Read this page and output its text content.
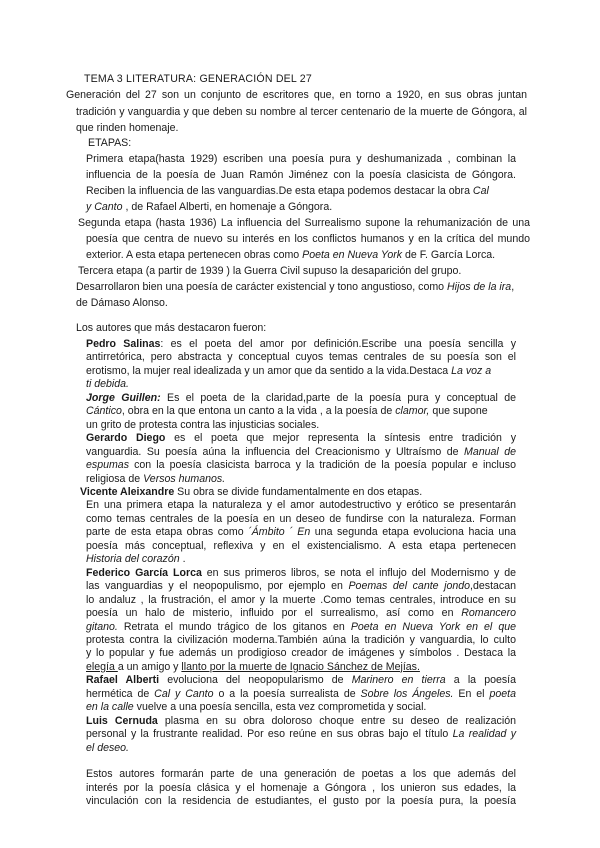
TEMA 3 LITERATURA: GENERACIÓN DEL 27
Generación del 27 son un conjunto de escritores que, en torno a 1920, en sus obras juntan
tradición y vanguardia y que deben su nombre al tercer centenario de la muerte de Góngora, al
que rinden homenaje.
ETAPAS:
Primera etapa(hasta 1929) escriben una poesía pura y deshumanizada , combinan la
influencia de la poesía de Juan Ramón Jiménez con la poesía clasicista de Góngora.
Reciben la influencia de las vanguardias.De esta etapa podemos destacar la obra Cal
y Canto , de Rafael Alberti, en homenaje a Góngora.
Segunda etapa (hasta 1936) La influencia del Surrealismo supone la rehumanización de una
poesía que centra de nuevo su interés en los conflictos humanos y en la crítica del mundo
exterior. A esta etapa pertenecen obras como Poeta en Nueva York de F. García Lorca.
Tercera etapa (a partir de 1939 ) la Guerra Civil supuso la desaparición del grupo.
Desarrollaron bien una poesía de carácter existencial y tono angustioso, como Hijos de la ira,
de Dámaso Alonso.
Los autores que más destacaron fueron:
Pedro Salinas: es el poeta del amor por definición.Escribe una poesía sencilla y
antirretórica, pero abstracta y conceptual cuyos temas centrales de su poesía son el
erotismo, la mujer real idealizada y un amor que da sentido a la vida.Destaca La voz a
ti debida.
Jorge Guillen: Es el poeta de la claridad,parte de la poesía pura y conceptual de
Cántico, obra en la que entona un canto a la vida , a la poesía de clamor, que supone
un grito de protesta contra las injusticias sociales.
Gerardo Diego es el poeta que mejor representa la síntesis entre tradición y
vanguardia. Su poesía aúna la influencia del Creacionismo y Ultraísmo de Manual de
espumas con la poesía clasicista barroca y la tradición de la poesía popular e incluso
religiosa de Versos humanos.
Vicente Aleixandre Su obra se divide fundamentalmente en dos etapas.
En una primera etapa la naturaleza y el amor autodestructivo y erótico se presentarán
como temas centrales de la poesía en un deseo de fundirse con la naturaleza. Forman
parte de esta etapa obras como ´Ámbito ´ En una segunda etapa evoluciona hacia una
poesía más conceptual, reflexiva y en el existencialismo. A esta etapa pertenecen
Historia del corazón .
Federico García Lorca en sus primeros libros, se nota el influjo del Modernismo y de
las vanguardias y el neopopulismo, por ejemplo en Poemas del cante jondo,destacan
lo andaluz , la frustración, el amor y la muerte .Como temas centrales, introduce en su
poesía un halo de misterio, influido por el surrealismo, así como en Romancero
gitano. Retrata el mundo trágico de los gitanos en Poeta en Nueva York en el que
protesta contra la civilización moderna.También aúna la tradición y vanguardia, lo culto
y lo popular y fue además un prodigioso creador de imágenes y símbolos . Destaca la
elegía a un amigo y llanto por la muerte de Ignacio Sánchez de Mejías.
Rafael Alberti evoluciona del neopopularismo de Marinero en tierra a la poesía
hermética de Cal y Canto o a la poesía surrealista de Sobre los Ángeles. En el poeta
en la calle vuelve a una poesía sencilla, esta vez comprometida y social.
Luis Cernuda plasma en su obra doloroso choque entre su deseo de realización
personal y la frustrante realidad. Por eso reúne en sus obras bajo el título La realidad y
el deseo.
Estos autores formarán parte de una generación de poetas a los que además del
interés por la poesía clásica y el homenaje a Góngora , los unieron sus edades, la
vinculación con la residencia de estudiantes, el gusto por la poesía pura, la poesía
